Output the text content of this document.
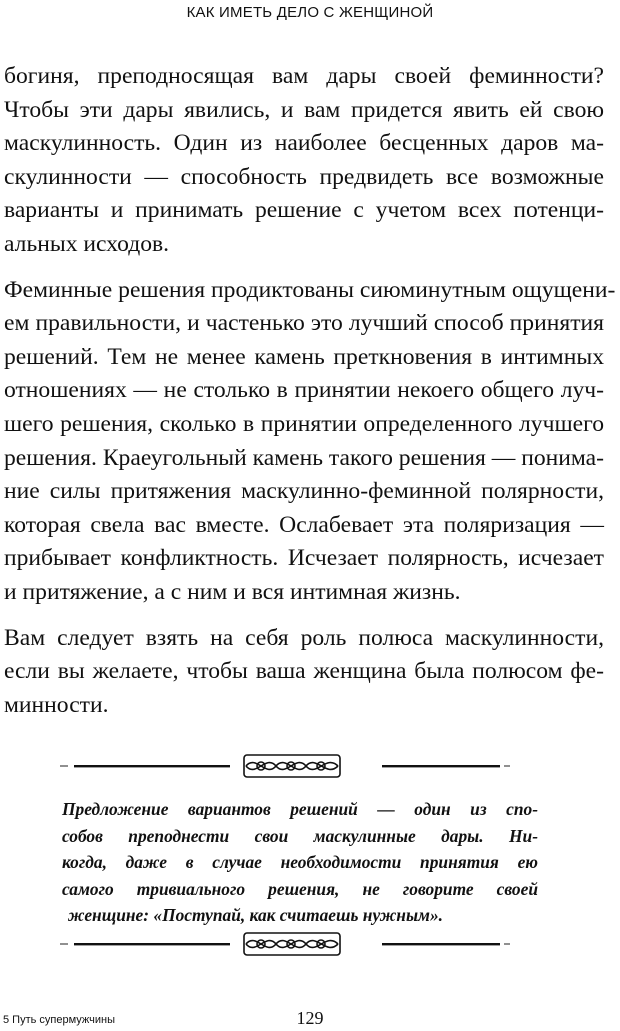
КАК ИМЕТЬ ДЕЛО С ЖЕНЩИНОЙ
богиня, преподносящая вам дары своей феминности?
Чтобы эти дары явились, и вам придется явить ей свою
маскулинность. Один из наиболее бесценных даров ма-
скулинности — способность предвидеть все возможные
варианты и принимать решение с учетом всех потенци-
альных исходов.
Феминные решения продиктованы сиюминутным ощущени-
ем правильности, и частенько это лучший способ принятия
решений. Тем не менее камень преткновения в интимных
отношениях — не столько в принятии некоего общего луч-
шего решения, сколько в принятии определенного лучшего
решения. Краеугольный камень такого решения — понима-
ние силы притяжения маскулинно-феминной полярности,
которая свела вас вместе. Ослабевает эта поляризация —
прибывает конфликтность. Исчезает полярность, исчезает
и притяжение, а с ним и вся интимная жизнь.
Вам следует взять на себя роль полюса маскулинности,
если вы желаете, чтобы ваша женщина была полюсом фе-
минности.
Предложение вариантов решений — один из спо-
собов преподнести свои маскулинные дары. Ни-
когда, даже в случае необходимости принятия ею
самого тривиального решения, не говорите своей
женщине: «Поступай, как считаешь нужным».
5 Путь супермужчины	129
